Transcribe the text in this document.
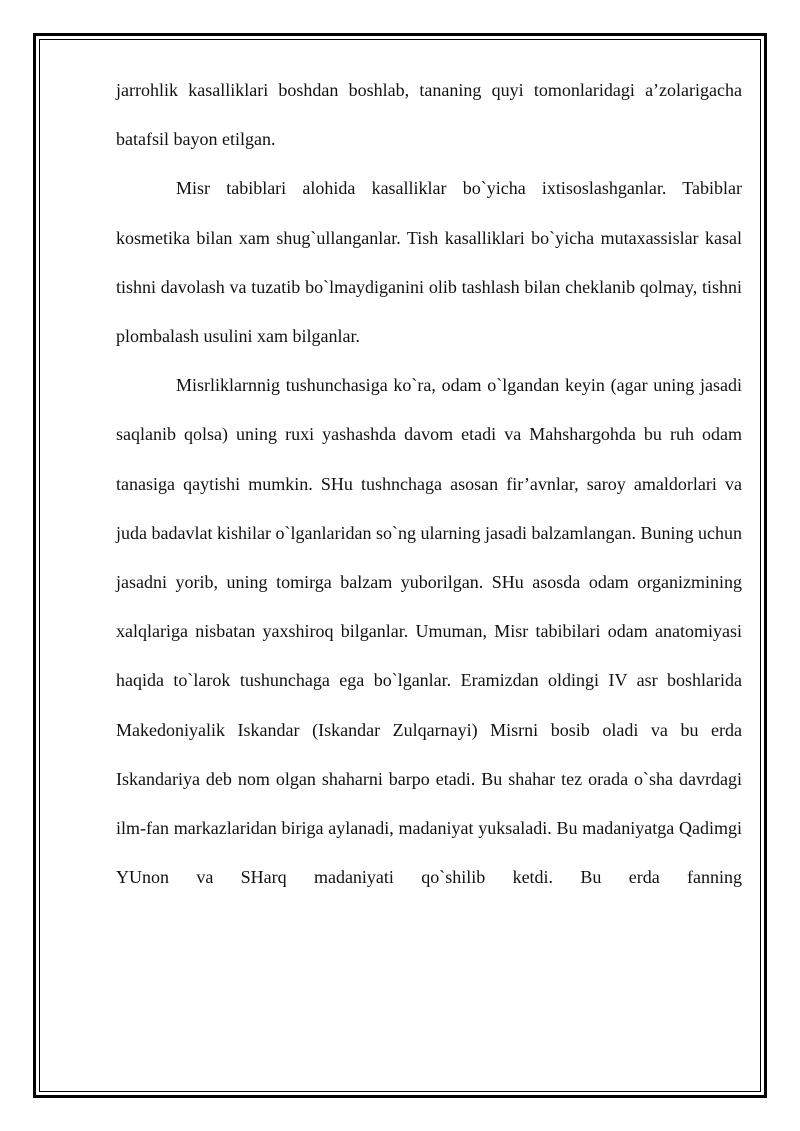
jarrohlik kasalliklari boshdan boshlab, tananing quyi tomonlaridagi a’zolarigacha batafsil bayon etilgan.

Misr tabiblari alohida kasalliklar bo`yicha ixtisoslashganlar. Tabiblar kosmetika bilan xam shug`ullanganlar. Tish kasalliklari bo`yicha mutaxassislar kasal tishni davolash va tuzatib bo`lmaydiganini olib tashlash bilan cheklanib qolmay, tishni plombalash usulini xam bilganlar.

Misrliklarnnig tushunchasiga ko`ra, odam o`lgandan keyin (agar uning jasadi saqlanib qolsa) uning ruxi yashashda davom etadi va Mahshargohda bu ruh odam tanasiga qaytishi mumkin. SHu tushnchaga asosan fir’avnlar, saroy amaldorlari va juda badavlat kishilar o`lganlaridan so`ng ularning jasadi balzamlangan. Buning uchun jasadni yorib, uning tomirga balzam yuborilgan. SHu asosda odam organizmining xalqlariga nisbatan yaxshiroq bilganlar. Umuman, Misr tabibilari odam anatomiyasi haqida to`larok tushunchaga ega bo`lganlar. Eramizdan oldingi IV asr boshlarida Makedoniyalik Iskandar (Iskandar Zulqarnayi) Misrni bosib oladi va bu erda Iskandariya deb nom olgan shaharni barpo etadi. Bu shahar tez orada o`sha davrdagi ilm-fan markazlaridan biriga aylanadi, madaniyat yuksaladi. Bu madaniyatga Qadimgi YUnon va SHarq madaniyati qo`shilib ketdi. Bu erda fanning
